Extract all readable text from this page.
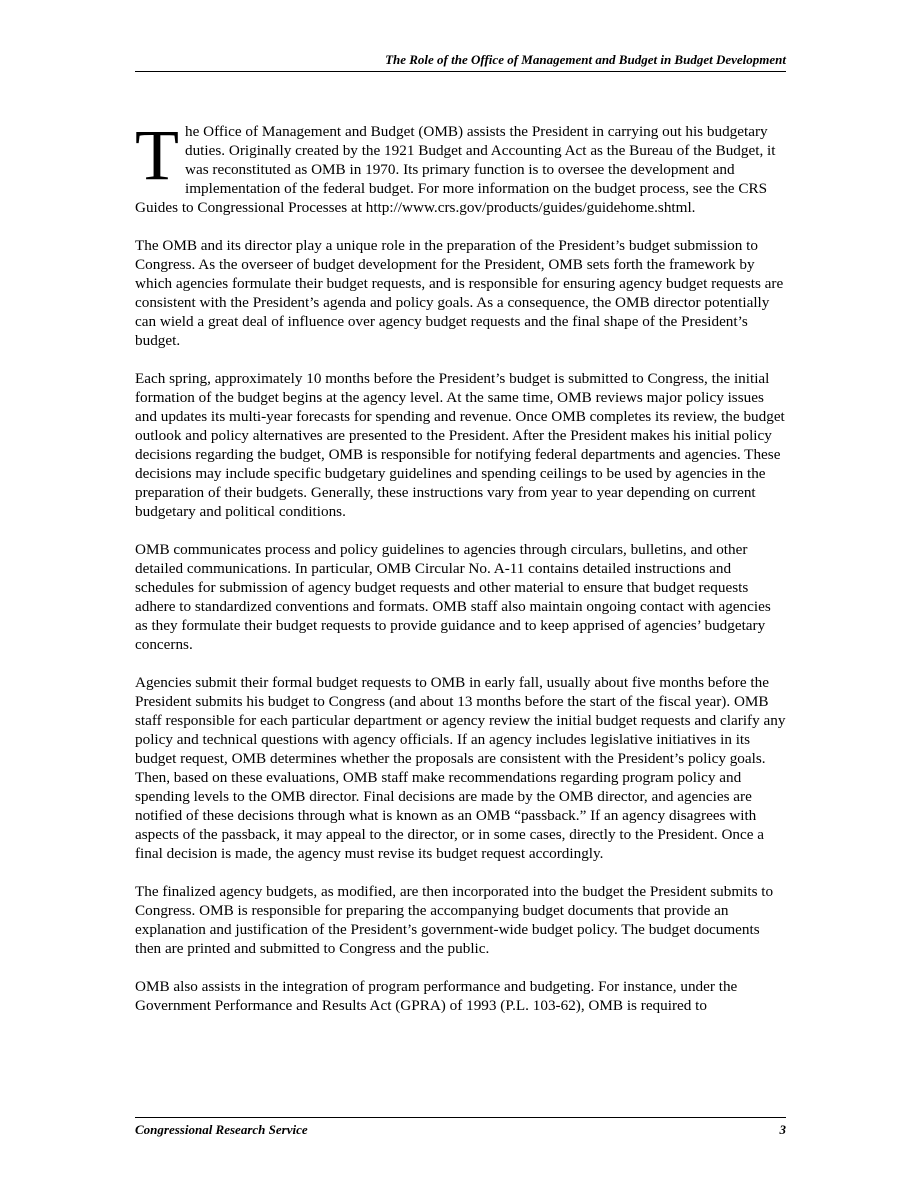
The Role of the Office of Management and Budget in Budget Development

The Office of Management and Budget (OMB) assists the President in carrying out his budgetary duties. Originally created by the 1921 Budget and Accounting Act as the Bureau of the Budget, it was reconstituted as OMB in 1970. Its primary function is to oversee the development and implementation of the federal budget. For more information on the budget process, see the CRS Guides to Congressional Processes at http://www.crs.gov/products/guides/guidehome.shtml.

The OMB and its director play a unique role in the preparation of the President’s budget submission to Congress. As the overseer of budget development for the President, OMB sets forth the framework by which agencies formulate their budget requests, and is responsible for ensuring agency budget requests are consistent with the President’s agenda and policy goals. As a consequence, the OMB director potentially can wield a great deal of influence over agency budget requests and the final shape of the President’s budget.

Each spring, approximately 10 months before the President’s budget is submitted to Congress, the initial formation of the budget begins at the agency level. At the same time, OMB reviews major policy issues and updates its multi-year forecasts for spending and revenue. Once OMB completes its review, the budget outlook and policy alternatives are presented to the President. After the President makes his initial policy decisions regarding the budget, OMB is responsible for notifying federal departments and agencies. These decisions may include specific budgetary guidelines and spending ceilings to be used by agencies in the preparation of their budgets. Generally, these instructions vary from year to year depending on current budgetary and political conditions.

OMB communicates process and policy guidelines to agencies through circulars, bulletins, and other detailed communications. In particular, OMB Circular No. A-11 contains detailed instructions and schedules for submission of agency budget requests and other material to ensure that budget requests adhere to standardized conventions and formats. OMB staff also maintain ongoing contact with agencies as they formulate their budget requests to provide guidance and to keep apprised of agencies’ budgetary concerns.

Agencies submit their formal budget requests to OMB in early fall, usually about five months before the President submits his budget to Congress (and about 13 months before the start of the fiscal year). OMB staff responsible for each particular department or agency review the initial budget requests and clarify any policy and technical questions with agency officials. If an agency includes legislative initiatives in its budget request, OMB determines whether the proposals are consistent with the President’s policy goals. Then, based on these evaluations, OMB staff make recommendations regarding program policy and spending levels to the OMB director. Final decisions are made by the OMB director, and agencies are notified of these decisions through what is known as an OMB “passback.” If an agency disagrees with aspects of the passback, it may appeal to the director, or in some cases, directly to the President. Once a final decision is made, the agency must revise its budget request accordingly.

The finalized agency budgets, as modified, are then incorporated into the budget the President submits to Congress. OMB is responsible for preparing the accompanying budget documents that provide an explanation and justification of the President’s government-wide budget policy. The budget documents then are printed and submitted to Congress and the public.

OMB also assists in the integration of program performance and budgeting. For instance, under the Government Performance and Results Act (GPRA) of 1993 (P.L. 103-62), OMB is required to

Congressional Research Service	3
